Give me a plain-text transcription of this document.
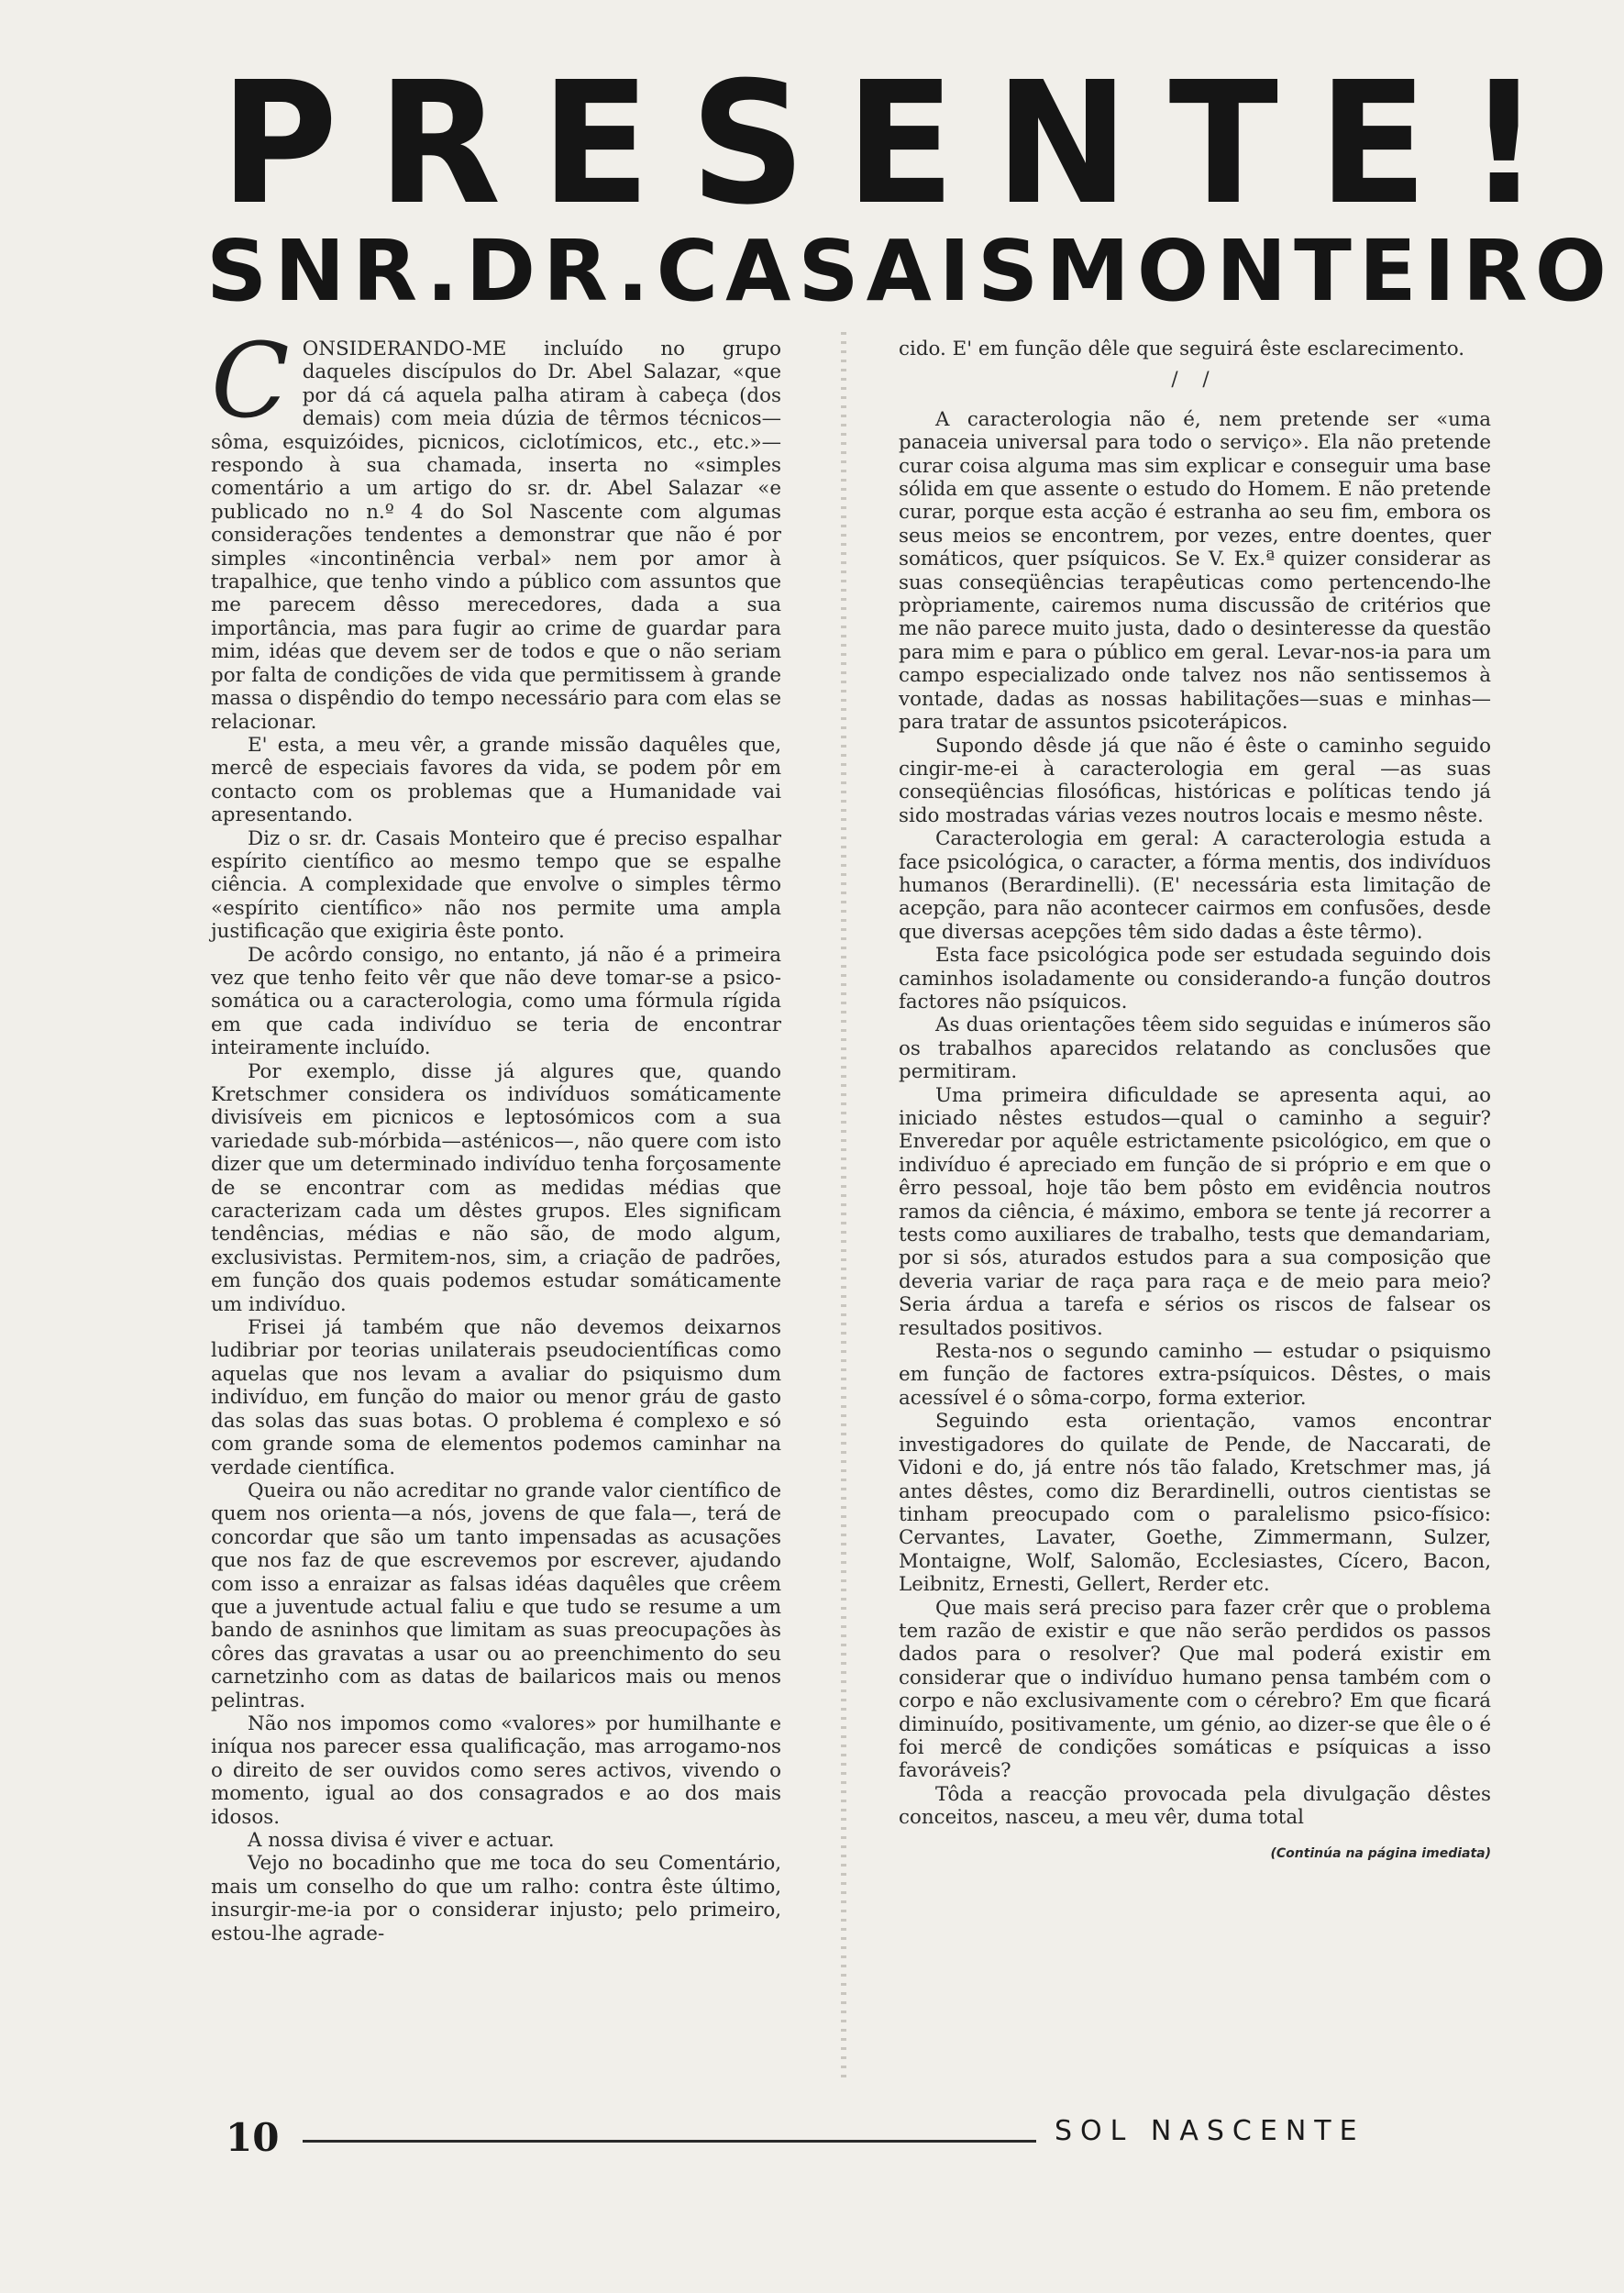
P R E S E N T E !
SNR. DR. CASAIS MONTEIRO

CONSIDERANDO-ME incluído no grupo daqueles discípulos do Dr. Abel Salazar, «que por dá cá aquela palha atiram à cabeça (dos demais) com meia dúzia de têrmos técnicos—sôma, esquizóides, picnicos, ciclotímicos, etc., etc.»—respondo à sua chamada, inserta no «simples comentário a um artigo do sr. dr. Abel Salazar «e publicado no n.º 4 do Sol Nascente com algumas considerações tendentes a demonstrar que não é por simples «incontinência verbal» nem por amor à trapalhice, que tenho vindo a público com assuntos que me parecem dêsso merecedores, dada a sua importância, mas para fugir ao crime de guardar para mim, idéas que devem ser de todos e que o não seriam por falta de condições de vida que permitissem à grande massa o dispêndio do tempo necessário para com elas se relacionar.

E' esta, a meu vêr, a grande missão daquêles que, mercê de especiais favores da vida, se podem pôr em contacto com os problemas que a Humanidade vai apresentando.

Diz o sr. dr. Casais Monteiro que é preciso espalhar espírito científico ao mesmo tempo que se espalhe ciência. A complexidade que envolve o simples têrmo «espírito científico» não nos permite uma ampla justificação que exigiria êste ponto.

De acôrdo consigo, no entanto, já não é a primeira vez que tenho feito vêr que não deve tomar-se a psico-somática ou a caracterologia, como uma fórmula rígida em que cada indivíduo se teria de encontrar inteiramente incluído.

Por exemplo, disse já algures que, quando Kretschmer considera os indivíduos somáticamente divisíveis em picnicos e leptosómicos com a sua variedade sub-mórbida—asténicos—, não quere com isto dizer que um determinado indivíduo tenha forçosamente de se encontrar com as medidas médias que caracterizam cada um dêstes grupos. Eles significam tendências, médias e não são, de modo algum, exclusivistas. Permitem-nos, sim, a criação de padrões, em função dos quais podemos estudar somáticamente um indivíduo.

Frisei já também que não devemos deixarnos ludibriar por teorias unilaterais pseudocientíficas como aquelas que nos levam a avaliar do psiquismo dum indivíduo, em função do maior ou menor gráu de gasto das solas das suas botas. O problema é complexo e só com grande soma de elementos podemos caminhar na verdade científica.

Queira ou não acreditar no grande valor científico de quem nos orienta—a nós, jovens de que fala—, terá de concordar que são um tanto impensadas as acusações que nos faz de que escrevemos por escrever, ajudando com isso a enraizar as falsas idéas daquêles que crêem que a juventude actual faliu e que tudo se resume a um bando de asninhos que limitam as suas preocupações às côres das gravatas a usar ou ao preenchimento do seu carnetzinho com as datas de bailaricos mais ou menos pelintras.

Não nos impomos como «valores» por humilhante e iníqua nos parecer essa qualificação, mas arrogamo-nos o direito de ser ouvidos como seres activos, vivendo o momento, igual ao dos consagrados e ao dos mais idosos.

A nossa divisa é viver e actuar.

Vejo no bocadinho que me toca do seu Comentário, mais um conselho do que um ralho: contra êste último, insurgir-me-ia por o considerar injusto; pelo primeiro, estou-lhe agrade-

cido. E' em função dêle que seguirá êste esclarecimento.

/ /

A caracterologia não é, nem pretende ser «uma panaceia universal para todo o serviço». Ela não pretende curar coisa alguma mas sim explicar e conseguir uma base sólida em que assente o estudo do Homem. E não pretende curar, porque esta acção é estranha ao seu fim, embora os seus meios se encontrem, por vezes, entre doentes, quer somáticos, quer psíquicos. Se V. Ex.ª quizer considerar as suas conseqüências terapêuticas como pertencendo-lhe pròpriamente, cairemos numa discussão de critérios que me não parece muito justa, dado o desinteresse da questão para mim e para o público em geral. Levar-nos-ia para um campo especializado onde talvez nos não sentissemos à vontade, dadas as nossas habilitações—suas e minhas—para tratar de assuntos psicoterápicos.

Supondo dêsde já que não é êste o caminho seguido cingir-me-ei à caracterologia em geral —as suas conseqüências filosóficas, históricas e políticas tendo já sido mostradas várias vezes noutros locais e mesmo nêste.

Caracterologia em geral: A caracterologia estuda a face psicológica, o caracter, a fórma mentis, dos indivíduos humanos (Berardinelli). (E' necessária esta limitação de acepção, para não acontecer cairmos em confusões, desde que diversas acepções têm sido dadas a êste têrmo).

Esta face psicológica pode ser estudada seguindo dois caminhos isoladamente ou considerando-a função doutros factores não psíquicos.

As duas orientações têem sido seguidas e inúmeros são os trabalhos aparecidos relatando as conclusões que permitiram.

Uma primeira dificuldade se apresenta aqui, ao iniciado nêstes estudos—qual o caminho a seguir? Enveredar por aquêle estrictamente psicológico, em que o indivíduo é apreciado em função de si próprio e em que o êrro pessoal, hoje tão bem pôsto em evidência noutros ramos da ciência, é máximo, embora se tente já recorrer a tests como auxiliares de trabalho, tests que demandariam, por si sós, aturados estudos para a sua composição que deveria variar de raça para raça e de meio para meio? Seria árdua a tarefa e sérios os riscos de falsear os resultados positivos.

Resta-nos o segundo caminho — estudar o psiquismo em função de factores extra-psíquicos. Dêstes, o mais acessível é o sôma-corpo, forma exterior.

Seguindo esta orientação, vamos encontrar investigadores do quilate de Pende, de Naccarati, de Vidoni e do, já entre nós tão falado, Kretschmer mas, já antes dêstes, como diz Berardinelli, outros cientistas se tinham preocupado com o paralelismo psico-físico: Cervantes, Lavater, Goethe, Zimmermann, Sulzer, Montaigne, Wolf, Salomão, Ecclesiastes, Cícero, Bacon, Leibnitz, Ernesti, Gellert, Rerder etc.

Que mais será preciso para fazer crêr que o problema tem razão de existir e que não serão perdidos os passos dados para o resolver? Que mal poderá existir em considerar que o indivíduo humano pensa também com o corpo e não exclusivamente com o cérebro? Em que ficará diminuído, positivamente, um génio, ao dizer-se que êle o é foi mercê de condições somáticas e psíquicas a isso favoráveis?

Tôda a reacção provocada pela divulgação dêstes conceitos, nasceu, a meu vêr, duma total

(Continúa na página imediata)

10	SOL NASCENTE
